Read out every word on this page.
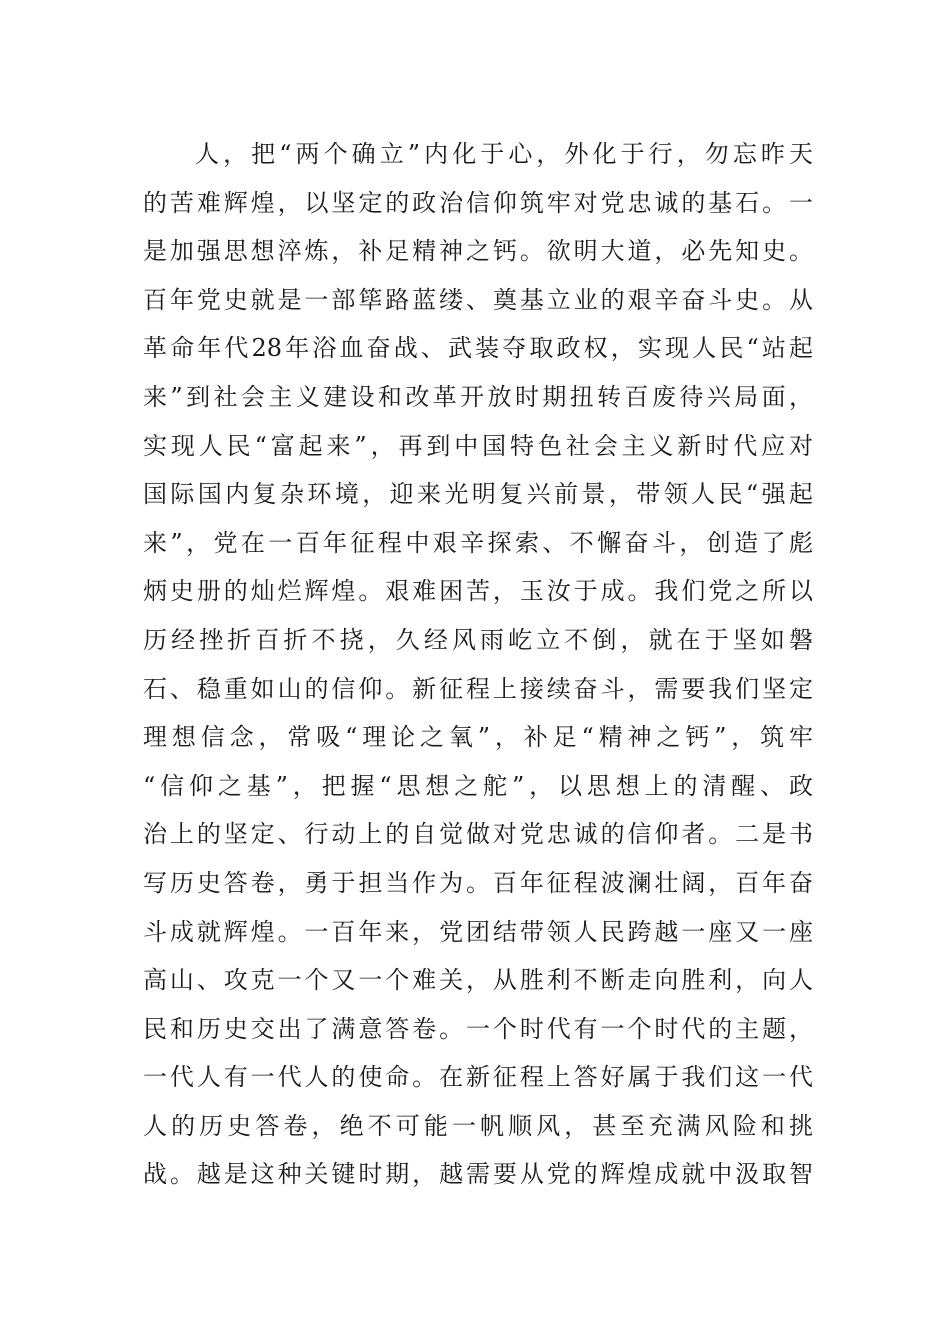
人，把“两个确立”内化于心，外化于行，勿忘昨天
的苦难辉煌，以坚定的政治信仰筑牢对党忠诚的基石。一
是加强思想淬炼，补足精神之钙。欲明大道，必先知史。
百年党史就是一部筚路蓝缕、奠基立业的艰辛奋斗史。从
革命年代28年浴血奋战、武装夺取政权，实现人民“站起
来”到社会主义建设和改革开放时期扭转百废待兴局面，
实现人民“富起来”，再到中国特色社会主义新时代应对
国际国内复杂环境，迎来光明复兴前景，带领人民“强起
来”，党在一百年征程中艰辛探索、不懈奋斗，创造了彪
炳史册的灿烂辉煌。艰难困苦，玉汝于成。我们党之所以
历经挫折百折不挠，久经风雨屹立不倒，就在于坚如磐
石、稳重如山的信仰。新征程上接续奋斗，需要我们坚定
理想信念，常吸“理论之氧”，补足“精神之钙”，筑牢
“信仰之基”，把握“思想之舵”，以思想上的清醒、政
治上的坚定、行动上的自觉做对党忠诚的信仰者。二是书
写历史答卷，勇于担当作为。百年征程波澜壮阔，百年奋
斗成就辉煌。一百年来，党团结带领人民跨越一座又一座
高山、攻克一个又一个难关，从胜利不断走向胜利，向人
民和历史交出了满意答卷。一个时代有一个时代的主题，
一代人有一代人的使命。在新征程上答好属于我们这一代
人的历史答卷，绝不可能一帆顺风，甚至充满风险和挑
战。越是这种关键时期，越需要从党的辉煌成就中汲取智
